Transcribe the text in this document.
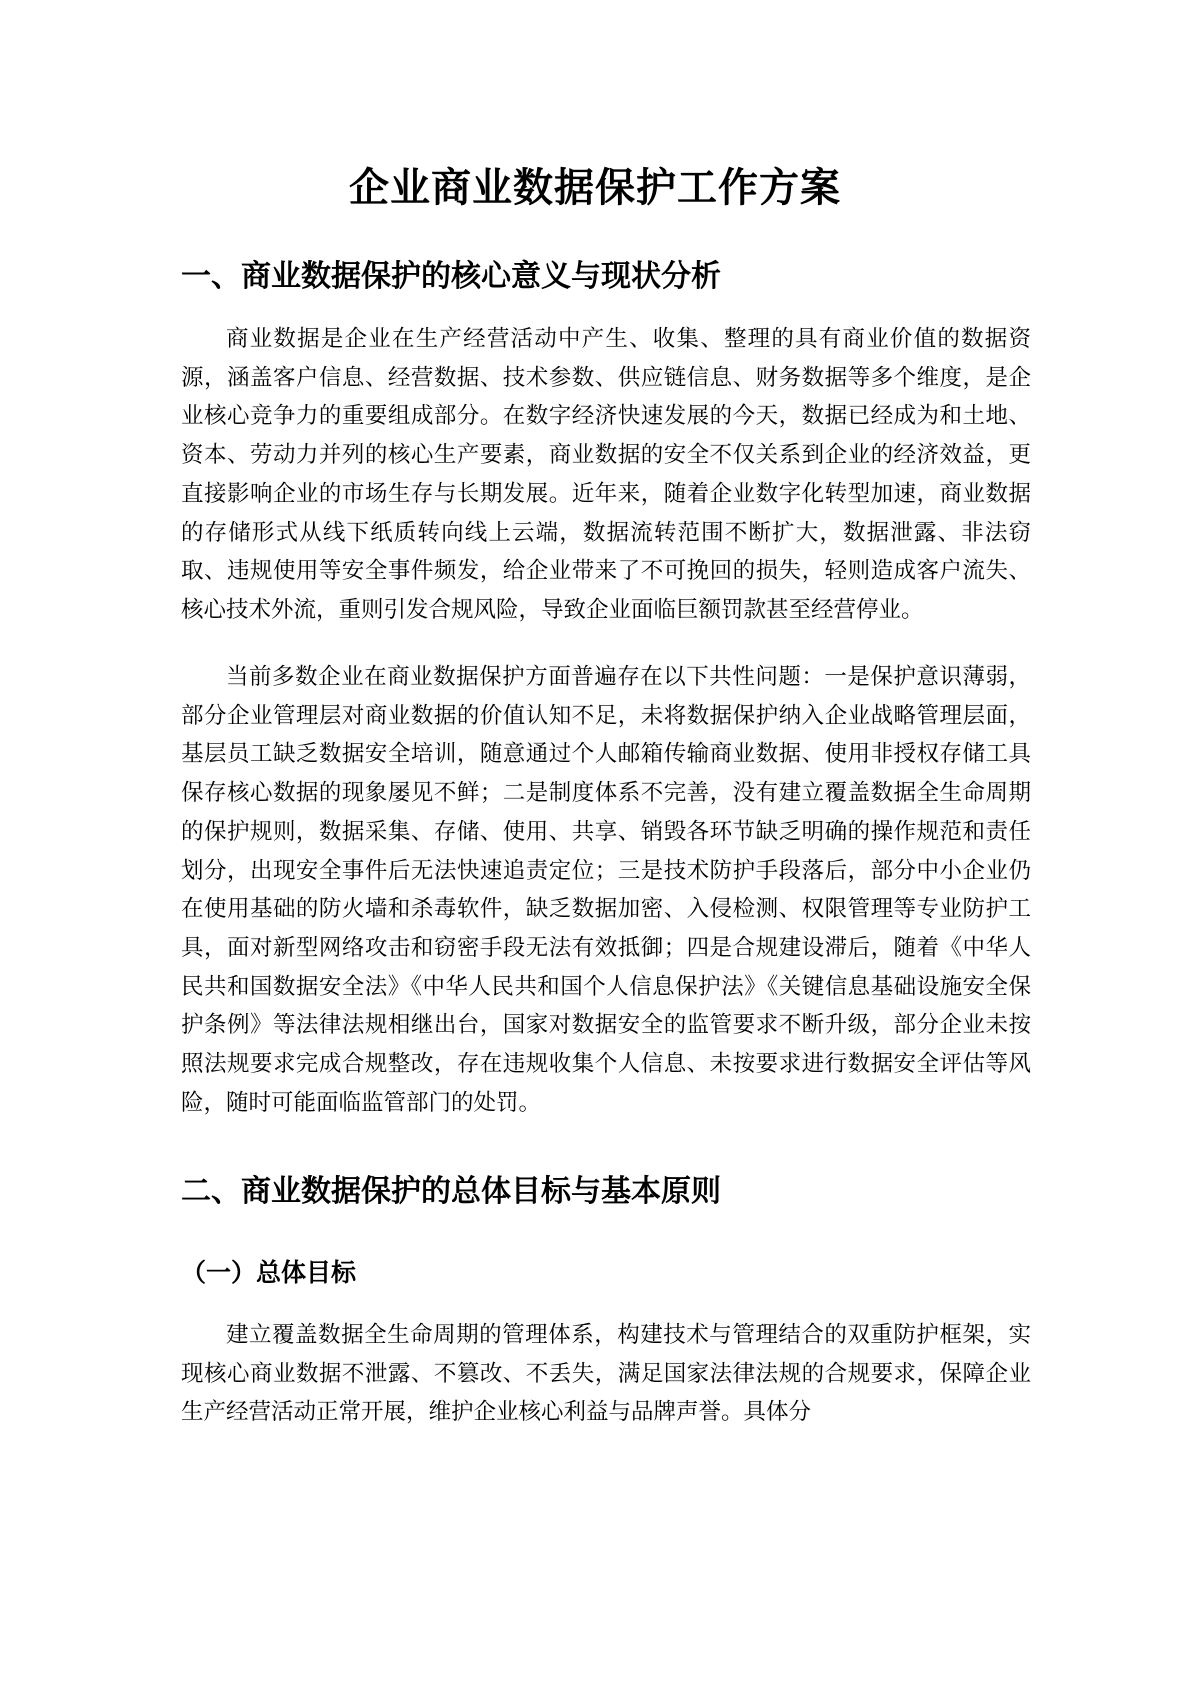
企业商业数据保护工作方案
一、商业数据保护的核心意义与现状分析

商业数据是企业在生产经营活动中产生、收集、整理的具有商业价值的数据资源，涵盖客户信息、经营数据、技术参数、供应链信息、财务数据等多个维度，是企业核心竞争力的重要组成部分。在数字经济快速发展的今天，数据已经成为和土地、资本、劳动力并列的核心生产要素，商业数据的安全不仅关系到企业的经济效益，更直接影响企业的市场生存与长期发展。近年来，随着企业数字化转型加速，商业数据的存储形式从线下纸质转向线上云端，数据流转范围不断扩大，数据泄露、非法窃取、违规使用等安全事件频发，给企业带来了不可挽回的损失，轻则造成客户流失、核心技术外流，重则引发合规风险，导致企业面临巨额罚款甚至经营停业。

当前多数企业在商业数据保护方面普遍存在以下共性问题：一是保护意识薄弱，部分企业管理层对商业数据的价值认知不足，未将数据保护纳入企业战略管理层面，基层员工缺乏数据安全培训，随意通过个人邮箱传输商业数据、使用非授权存储工具保存核心数据的现象屡见不鲜；二是制度体系不完善，没有建立覆盖数据全生命周期的保护规则，数据采集、存储、使用、共享、销毁各环节缺乏明确的操作规范和责任划分，出现安全事件后无法快速追责定位；三是技术防护手段落后，部分中小企业仍在使用基础的防火墙和杀毒软件，缺乏数据加密、入侵检测、权限管理等专业防护工具，面对新型网络攻击和窃密手段无法有效抵御；四是合规建设滞后，随着《中华人民共和国数据安全法》《中华人民共和国个人信息保护法》《关键信息基础设施安全保护条例》等法律法规相继出台，国家对数据安全的监管要求不断升级，部分企业未按照法规要求完成合规整改，存在违规收集个人信息、未按要求进行数据安全评估等风险，随时可能面临监管部门的处罚。

二、商业数据保护的总体目标与基本原则
（一）总体目标

建立覆盖数据全生命周期的管理体系，构建技术与管理结合的双重防护框架，实现核心商业数据不泄露、不篡改、不丢失，满足国家法律法规的合规要求，保障企业生产经营活动正常开展，维护企业核心利益与品牌声誉。具体分
